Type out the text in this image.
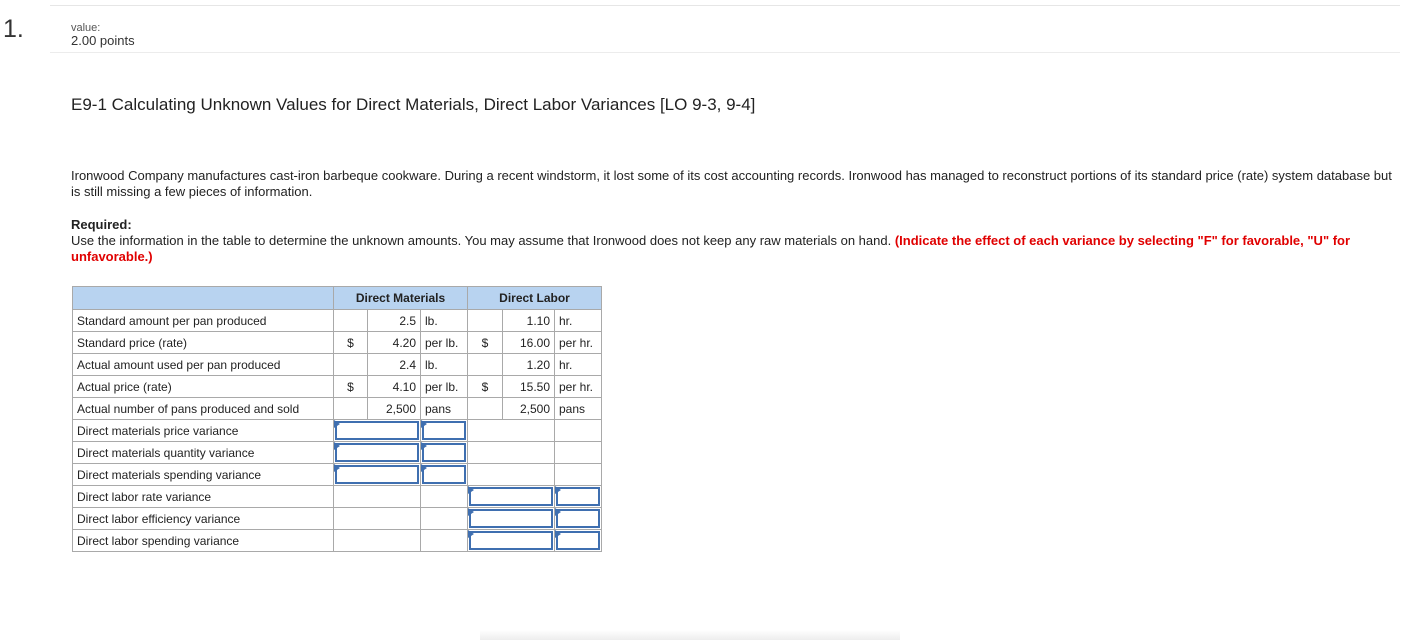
1.	value:
2.00 points
E9-1 Calculating Unknown Values for Direct Materials, Direct Labor Variances [LO 9-3, 9-4]
Ironwood Company manufactures cast-iron barbeque cookware. During a recent windstorm, it lost some of its cost accounting records. Ironwood has managed to reconstruct portions of its standard price (rate) system database but is still missing a few pieces of information.
Required:
Use the information in the table to determine the unknown amounts. You may assume that Ironwood does not keep any raw materials on hand. (Indicate the effect of each variance by selecting "F" for favorable, "U" for unfavorable.)
	Direct Materials			Direct Labor		
Standard amount per pan produced		2.5	lb.		1.10	hr.
Standard price (rate)	$	4.20	per lb.	$	16.00	per hr.
Actual amount used per pan produced		2.4	lb.		1.20	hr.
Actual price (rate)	$	4.10	per lb.	$	15.50	per hr.
Actual number of pans produced and sold		2,500	pans		2,500	pans
Direct materials price variance			

Direct materials quantity variance			

Direct materials spending variance			

Direct labor rate variance					

Direct labor efficiency variance					

Direct labor spending variance					
